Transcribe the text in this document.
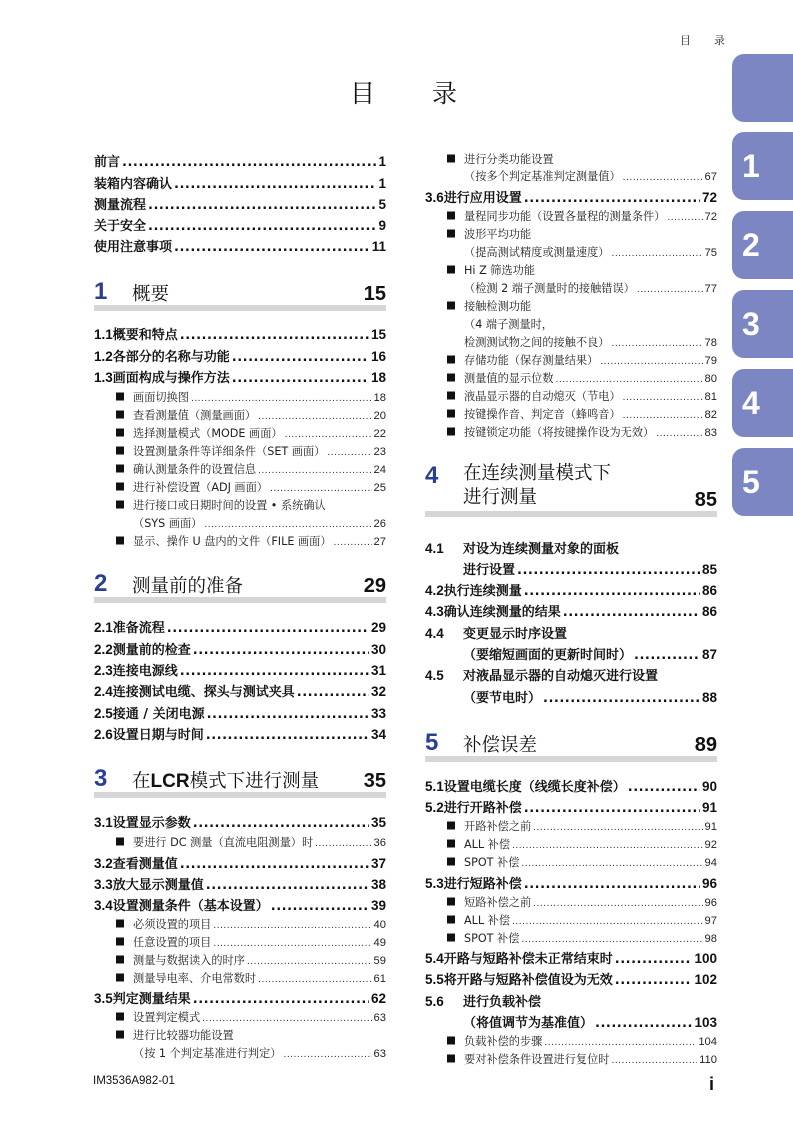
目　录
目　录
1
2
3
4
5
前言 .....	1
装箱内容确认 .....	1
测量流程 .....	5
关于安全 .....	9
使用注意事项 .....	11
1	概要	15
1.1 概要和特点 .....	15
1.2 各部分的名称与功能 .....	16
1.3 画面构成与操作方法 .....	18
画面切换图 .....	18
查看测量值（测量画面） .....	20
选择测量模式（MODE 画面） .....	22
设置测量条件等详细条件（SET 画面） .....	23
确认测量条件的设置信息 .....	24
进行补偿设置（ADJ 画面） .....	25
进行接口或日期时间的设置 • 系统确认
（SYS 画面） .....	26
显示、操作 U 盘内的文件（FILE 画面） .....	27
2	测量前的准备	29
2.1 准备流程 .....	29
2.2 测量前的检查 .....	30
2.3 连接电源线 .....	31
2.4 连接测试电缆、探头与测试夹具 .....	32
2.5 接通 / 关闭电源 .....	33
2.6 设置日期与时间 .....	34
3	在LCR模式下进行测量 35
3.1 设置显示参数 .....	35
要进行 DC 测量（直流电阻测量）时 .....	36
3.2 查看测量值 .....	37
3.3 放大显示测量值 .....	38
3.4 设置测量条件（基本设置） .....	39
必须设置的项目 .....	40
任意设置的项目 .....	49
测量与数据读入的时序 .....	59
测量导电率、介电常数时 .....	61
3.5 判定测量结果 .....	62
设置判定模式 .....	63
进行比较器功能设置
（按 1 个判定基准进行判定） .....	63
进行分类功能设置
（按多个判定基准判定测量值） .....	67
3.6 进行应用设置 .....	72
量程同步功能（设置各量程的测量条件） .....	72
波形平均功能
（提高测试精度或测量速度） .....	75
Hi Z 筛选功能
（检测 2 端子测量时的接触错误） .....	77
接触检测功能
（4 端子测量时，
检测测试物之间的接触不良） .....	78
存储功能（保存测量结果） .....	79
测量值的显示位数 .....	80
液晶显示器的自动熄灭（节电） .....	81
按键操作音、判定音（蜂鸣音） .....	82
按键锁定功能（将按键操作设为无效） .....	83
4	在连续测量模式下
进行测量	85
4.1	对设为连续测量对象的面板
进行设置 .....	85
4.2 执行连续测量 .....	86
4.3 确认连续测量的结果 .....	86
4.4	变更显示时序设置
（要缩短画面的更新时间时） .....	87
4.5	对液晶显示器的自动熄灭进行设置
（要节电时） .....	88
5	补偿误差	89
5.1 设置电缆长度（线缆长度补偿） .....	90
5.2 进行开路补偿 .....	91
开路补偿之前 .....	91
ALL 补偿 .....	92
SPOT 补偿 .....	94
5.3 进行短路补偿 .....	96
短路补偿之前 .....	96
ALL 补偿 .....	97
SPOT 补偿 .....	98
5.4 开路与短路补偿未正常结束时 .....	100
5.5 将开路与短路补偿值设为无效 .....	102
5.6	进行负载补偿
（将值调节为基准值） .....	103
负载补偿的步骤 .....	104
要对补偿条件设置进行复位时 .....	110
IM3536A982-01	i
